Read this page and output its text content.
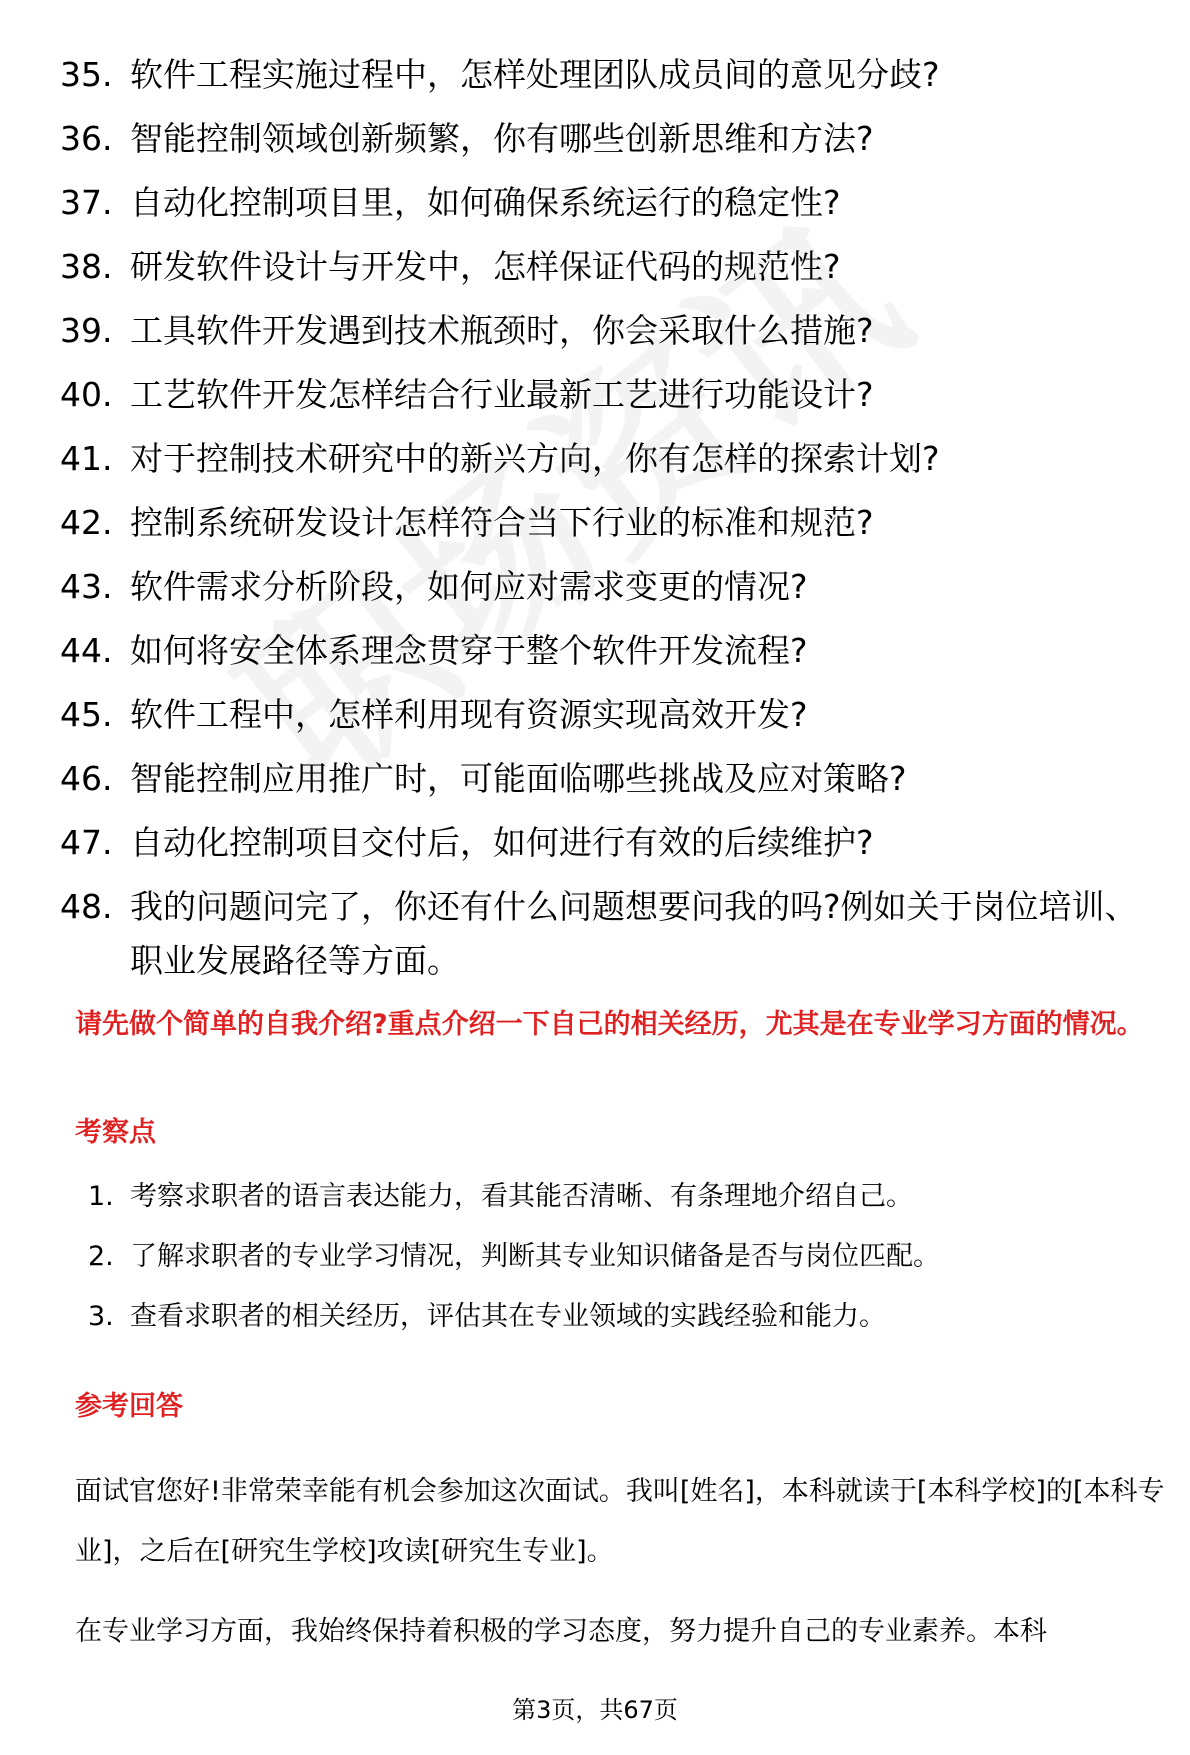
35. 软件工程实施过程中，怎样处理团队成员间的意见分歧?
36. 智能控制领域创新频繁，你有哪些创新思维和方法?
37. 自动化控制项目里，如何确保系统运行的稳定性?
38. 研发软件设计与开发中，怎样保证代码的规范性?
39. 工具软件开发遇到技术瓶颈时，你会采取什么措施?
40. 工艺软件开发怎样结合行业最新工艺进行功能设计?
41. 对于控制技术研究中的新兴方向，你有怎样的探索计划?
42. 控制系统研发设计怎样符合当下行业的标准和规范?
43. 软件需求分析阶段，如何应对需求变更的情况?
44. 如何将安全体系理念贯穿于整个软件开发流程?
45. 软件工程中，怎样利用现有资源实现高效开发?
46. 智能控制应用推广时，可能面临哪些挑战及应对策略?
47. 自动化控制项目交付后，如何进行有效的后续维护?
48. 我的问题问完了，你还有什么问题想要问我的吗?例如关于岗位培训、职业发展路径等方面。
请先做个简单的自我介绍?重点介绍一下自己的相关经历，尤其是在专业学习方面的情况。
考察点
1. 考察求职者的语言表达能力，看其能否清晰、有条理地介绍自己。
2. 了解求职者的专业学习情况，判断其专业知识储备是否与岗位匹配。
3. 查看求职者的相关经历，评估其在专业领域的实践经验和能力。
参考回答

面试官您好!非常荣幸能有机会参加这次面试。我叫[姓名]，本科就读于[本科学校]的[本科专业]，之后在[研究生学校]攻读[研究生专业]。

在专业学习方面，我始终保持着积极的学习态度，努力提升自己的专业素养。本科

第3页，共67页
